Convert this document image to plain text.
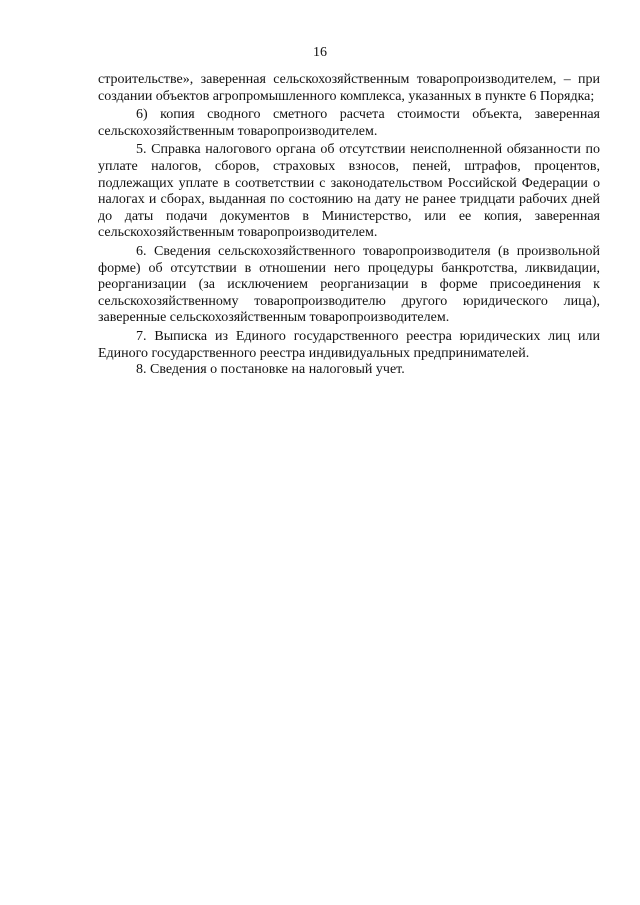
16

строительстве», заверенная сельскохозяйственным товаропроизводителем, – при создании объектов агропромышленного комплекса, указанных в пункте 6 Порядка;

6) копия сводного сметного расчета стоимости объекта, заверенная сельскохозяйственным товаропроизводителем.

5. Справка налогового органа об отсутствии неисполненной обязанности по уплате налогов, сборов, страховых взносов, пеней, штрафов, процентов, подлежащих уплате в соответствии с законодательством Российской Федерации о налогах и сборах, выданная по состоянию на дату не ранее тридцати рабочих дней до даты подачи документов в Министерство, или ее копия, заверенная сельскохозяйственным товаропроизводителем.

6. Сведения сельскохозяйственного товаропроизводителя (в произвольной форме) об отсутствии в отношении него процедуры банкротства, ликвидации, реорганизации (за исключением реорганизации в форме присоединения к сельскохозяйственному товаропроизводителю другого юридического лица), заверенные сельскохозяйственным товаропроизводителем.

7. Выписка из Единого государственного реестра юридических лиц или Единого государственного реестра индивидуальных предпринимателей.

8. Сведения о постановке на налоговый учет.
